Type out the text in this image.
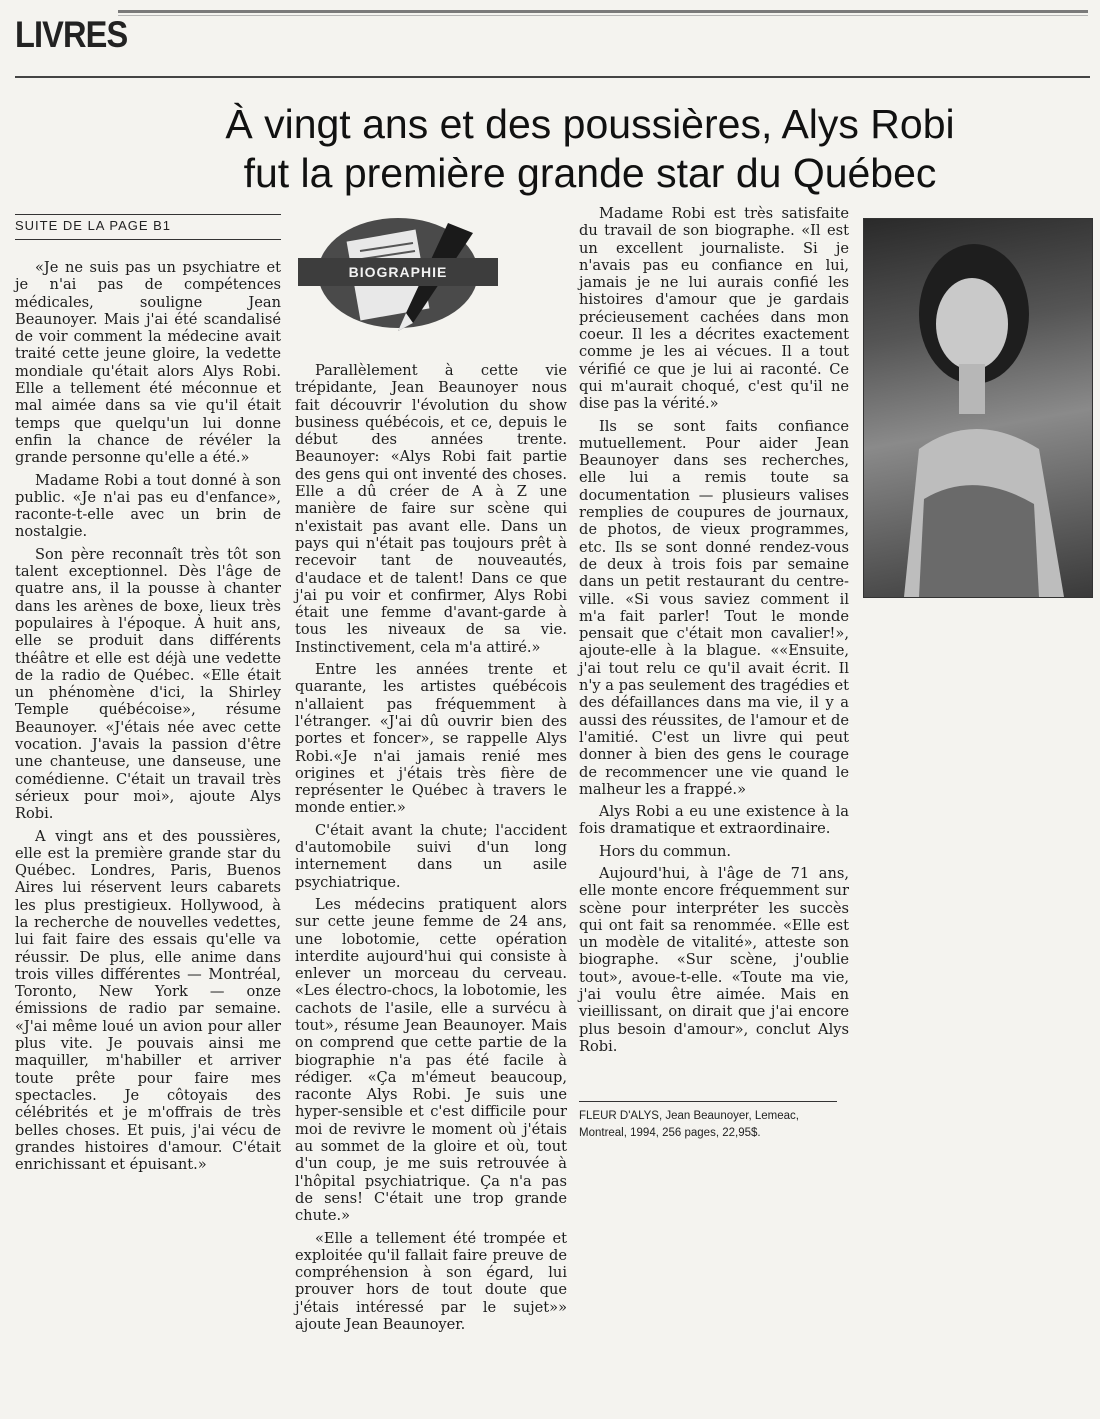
LIVRES
À vingt ans et des poussières, Alys Robi
fut la première grande star du Québec
SUITE DE LA PAGE B1

«Je ne suis pas un psychiatre et je n'ai pas de compétences médicales, souligne Jean Beaunoyer. Mais j'ai été scandalisé de voir comment la médecine avait traité cette jeune gloire, la vedette mondiale qu'était alors Alys Robi. Elle a tellement été méconnue et mal aimée dans sa vie qu'il était temps que quelqu'un lui donne enfin la chance de révéler la grande personne qu'elle a été.»

Madame Robi a tout donné à son public. «Je n'ai pas eu d'enfance», raconte-t-elle avec un brin de nostalgie.

Son père reconnaît très tôt son talent exceptionnel. Dès l'âge de quatre ans, il la pousse à chanter dans les arènes de boxe, lieux très populaires à l'époque. À huit ans, elle se produit dans différents théâtre et elle est déjà une vedette de la radio de Québec. «Elle était un phénomène d'ici, la Shirley Temple québécoise», résume Beaunoyer. «J'étais née avec cette vocation. J'avais la passion d'être une chanteuse, une danseuse, une comédienne. C'était un travail très sérieux pour moi», ajoute Alys Robi.

A vingt ans et des poussières, elle est la première grande star du Québec. Londres, Paris, Buenos Aires lui réservent leurs cabarets les plus prestigieux. Hollywood, à la recherche de nouvelles vedettes, lui fait faire des essais qu'elle va réussir. De plus, elle anime dans trois villes différentes — Montréal, Toronto, New York — onze émissions de radio par semaine. «J'ai même loué un avion pour aller plus vite. Je pouvais ainsi me maquiller, m'habiller et arriver toute prête pour faire mes spectacles. Je côtoyais des célébrités et je m'offrais de très belles choses. Et puis, j'ai vécu de grandes histoires d'amour. C'était enrichissant et épuisant.»

BIOGRAPHIE

Parallèlement à cette vie trépidante, Jean Beaunoyer nous fait découvrir l'évolution du show business québécois, et ce, depuis le début des années trente. Beaunoyer: «Alys Robi fait partie des gens qui ont inventé des choses. Elle a dû créer de A à Z une manière de faire sur scène qui n'existait pas avant elle. Dans un pays qui n'était pas toujours prêt à recevoir tant de nouveautés, d'audace et de talent! Dans ce que j'ai pu voir et confirmer, Alys Robi était une femme d'avant-garde à tous les niveaux de sa vie. Instinctivement, cela m'a attiré.»

Entre les années trente et quarante, les artistes québécois n'allaient pas fréquemment à l'étranger. «J'ai dû ouvrir bien des portes et foncer», se rappelle Alys Robi.«Je n'ai jamais renié mes origines et j'étais très fière de représenter le Québec à travers le monde entier.»

C'était avant la chute; l'accident d'automobile suivi d'un long internement dans un asile psychiatrique.

Les médecins pratiquent alors sur cette jeune femme de 24 ans, une lobotomie, cette opération interdite aujourd'hui qui consiste à enlever un morceau du cerveau. «Les électro-chocs, la lobotomie, les cachots de l'asile, elle a survécu à tout», résume Jean Beaunoyer. Mais on comprend que cette partie de la biographie n'a pas été facile à rédiger. «Ça m'émeut beaucoup, raconte Alys Robi. Je suis une hyper-sensible et c'est difficile pour moi de revivre le moment où j'étais au sommet de la gloire et où, tout d'un coup, je me suis retrouvée à l'hôpital psychiatrique. Ça n'a pas de sens! C'était une trop grande chute.»

«Elle a tellement été trompée et exploitée qu'il fallait faire preuve de compréhension à son égard, lui prouver hors de tout doute que j'étais intéressé par le sujet»» ajoute Jean Beaunoyer.

Madame Robi est très satisfaite du travail de son biographe. «Il est un excellent journaliste. Si je n'avais pas eu confiance en lui, jamais je ne lui aurais confié les histoires d'amour que je gardais précieusement cachées dans mon coeur. Il les a décrites exactement comme je les ai vécues. Il a tout vérifié ce que je lui ai raconté. Ce qui m'aurait choqué, c'est qu'il ne dise pas la vérité.»

Ils se sont faits confiance mutuellement. Pour aider Jean Beaunoyer dans ses recherches, elle lui a remis toute sa documentation — plusieurs valises remplies de coupures de journaux, de photos, de vieux programmes, etc. Ils se sont donné rendez-vous de deux à trois fois par semaine dans un petit restaurant du centre-ville. «Si vous saviez comment il m'a fait parler! Tout le monde pensait que c'était mon cavalier!», ajoute-elle à la blague. ««Ensuite, j'ai tout relu ce qu'il avait écrit. Il n'y a pas seulement des tragédies et des défaillances dans ma vie, il y a aussi des réussites, de l'amour et de l'amitié. C'est un livre qui peut donner à bien des gens le courage de recommencer une vie quand le malheur les a frappé.»

Alys Robi a eu une existence à la fois dramatique et extraordinaire.

Hors du commun.

Aujourd'hui, à l'âge de 71 ans, elle monte encore fréquemment sur scène pour interpréter les succès qui ont fait sa renommée. «Elle est un modèle de vitalité», atteste son biographe. «Sur scène, j'oublie tout», avoue-t-elle. «Toute ma vie, j'ai voulu être aimée. Mais en vieillissant, on dirait que j'ai encore plus besoin d'amour», conclut Alys Robi.

FLEUR D'ALYS, Jean Beaunoyer, Lemeac, Montreal, 1994, 256 pages, 22,95$.
